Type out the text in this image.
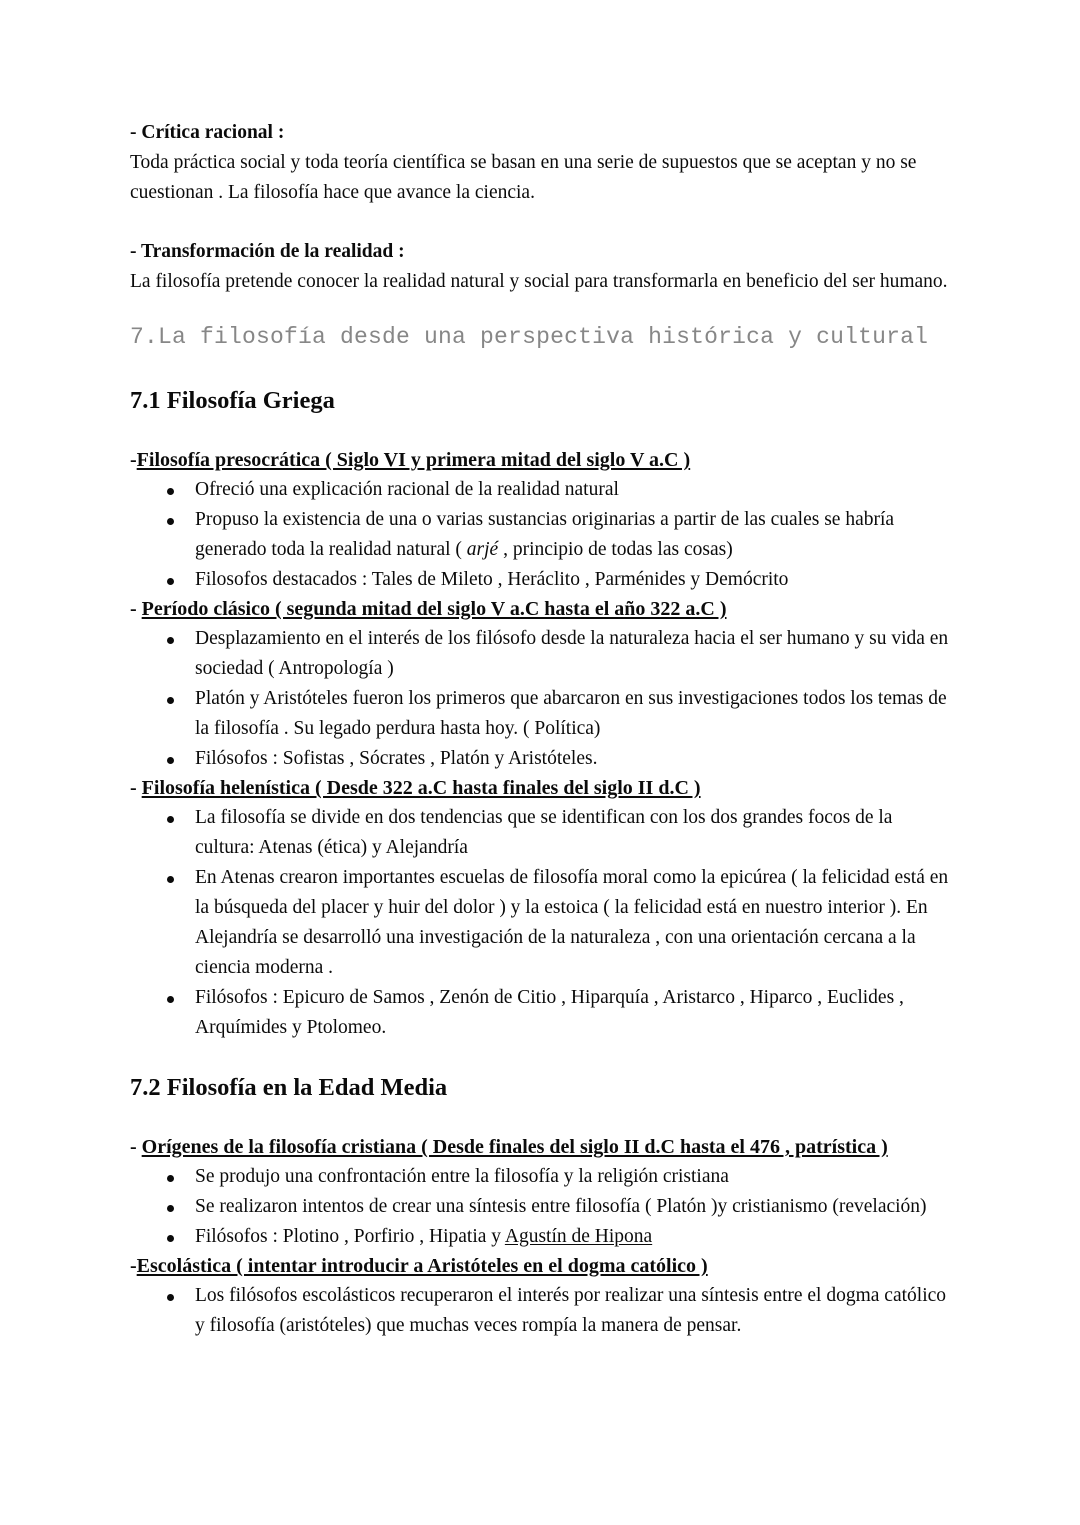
- Crítica racional :

Toda práctica social y toda teoría científica se basan en una serie de supuestos que se aceptan y no se cuestionan . La filosofía hace que avance la ciencia.

- Transformación de la realidad :

La filosofía pretende conocer la realidad natural y social para transformarla en beneficio del ser humano.

7.La filosofía desde una perspectiva histórica y cultural

7.1 Filosofía Griega

-Filosofía presocrática ( Siglo VI y primera mitad del siglo V a.C )

Ofreció una explicación racional de la realidad natural
Propuso la existencia de una o varias sustancias originarias a partir de las cuales se habría generado toda la realidad natural ( arjé , principio de todas las cosas)
Filosofos destacados : Tales de Mileto , Heráclito , Parménides y Demócrito

- Período clásico ( segunda mitad del siglo V a.C hasta el año 322 a.C )

Desplazamiento en el interés de los filósofo desde la naturaleza hacia el ser humano y su vida en sociedad ( Antropología )
Platón y Aristóteles fueron los primeros que abarcaron en sus investigaciones todos los temas de la filosofía . Su legado perdura hasta hoy. ( Política)
Filósofos : Sofistas , Sócrates , Platón y Aristóteles.

- Filosofía helenística ( Desde 322 a.C hasta finales del siglo II d.C )

La filosofía se divide en dos tendencias que se identifican con los dos grandes focos de la cultura: Atenas (ética) y Alejandría
En Atenas crearon importantes escuelas de filosofía moral como la epicúrea ( la felicidad está en la búsqueda del placer y huir del dolor ) y la estoica ( la felicidad está en nuestro interior ). En Alejandría se desarrolló una investigación de la naturaleza , con una orientación cercana a la ciencia moderna .
Filósofos : Epicuro de Samos , Zenón de Citio , Hiparquía , Aristarco , Hiparco , Euclides , Arquímides y Ptolomeo.
7.2 Filosofía en la Edad Media

- Orígenes de la filosofía cristiana ( Desde finales del siglo II d.C hasta el 476 , patrística )

Se produjo una confrontación entre la filosofía y la religión cristiana
Se realizaron intentos de crear una síntesis entre filosofía ( Platón )y cristianismo (revelación)
Filósofos : Plotino , Porfirio , Hipatia y Agustín de Hipona

-Escolástica ( intentar introducir a Aristóteles en el dogma católico )

Los filósofos escolásticos recuperaron el interés por realizar una síntesis entre el dogma católico y filosofía (aristóteles) que muchas veces rompía la manera de pensar.
